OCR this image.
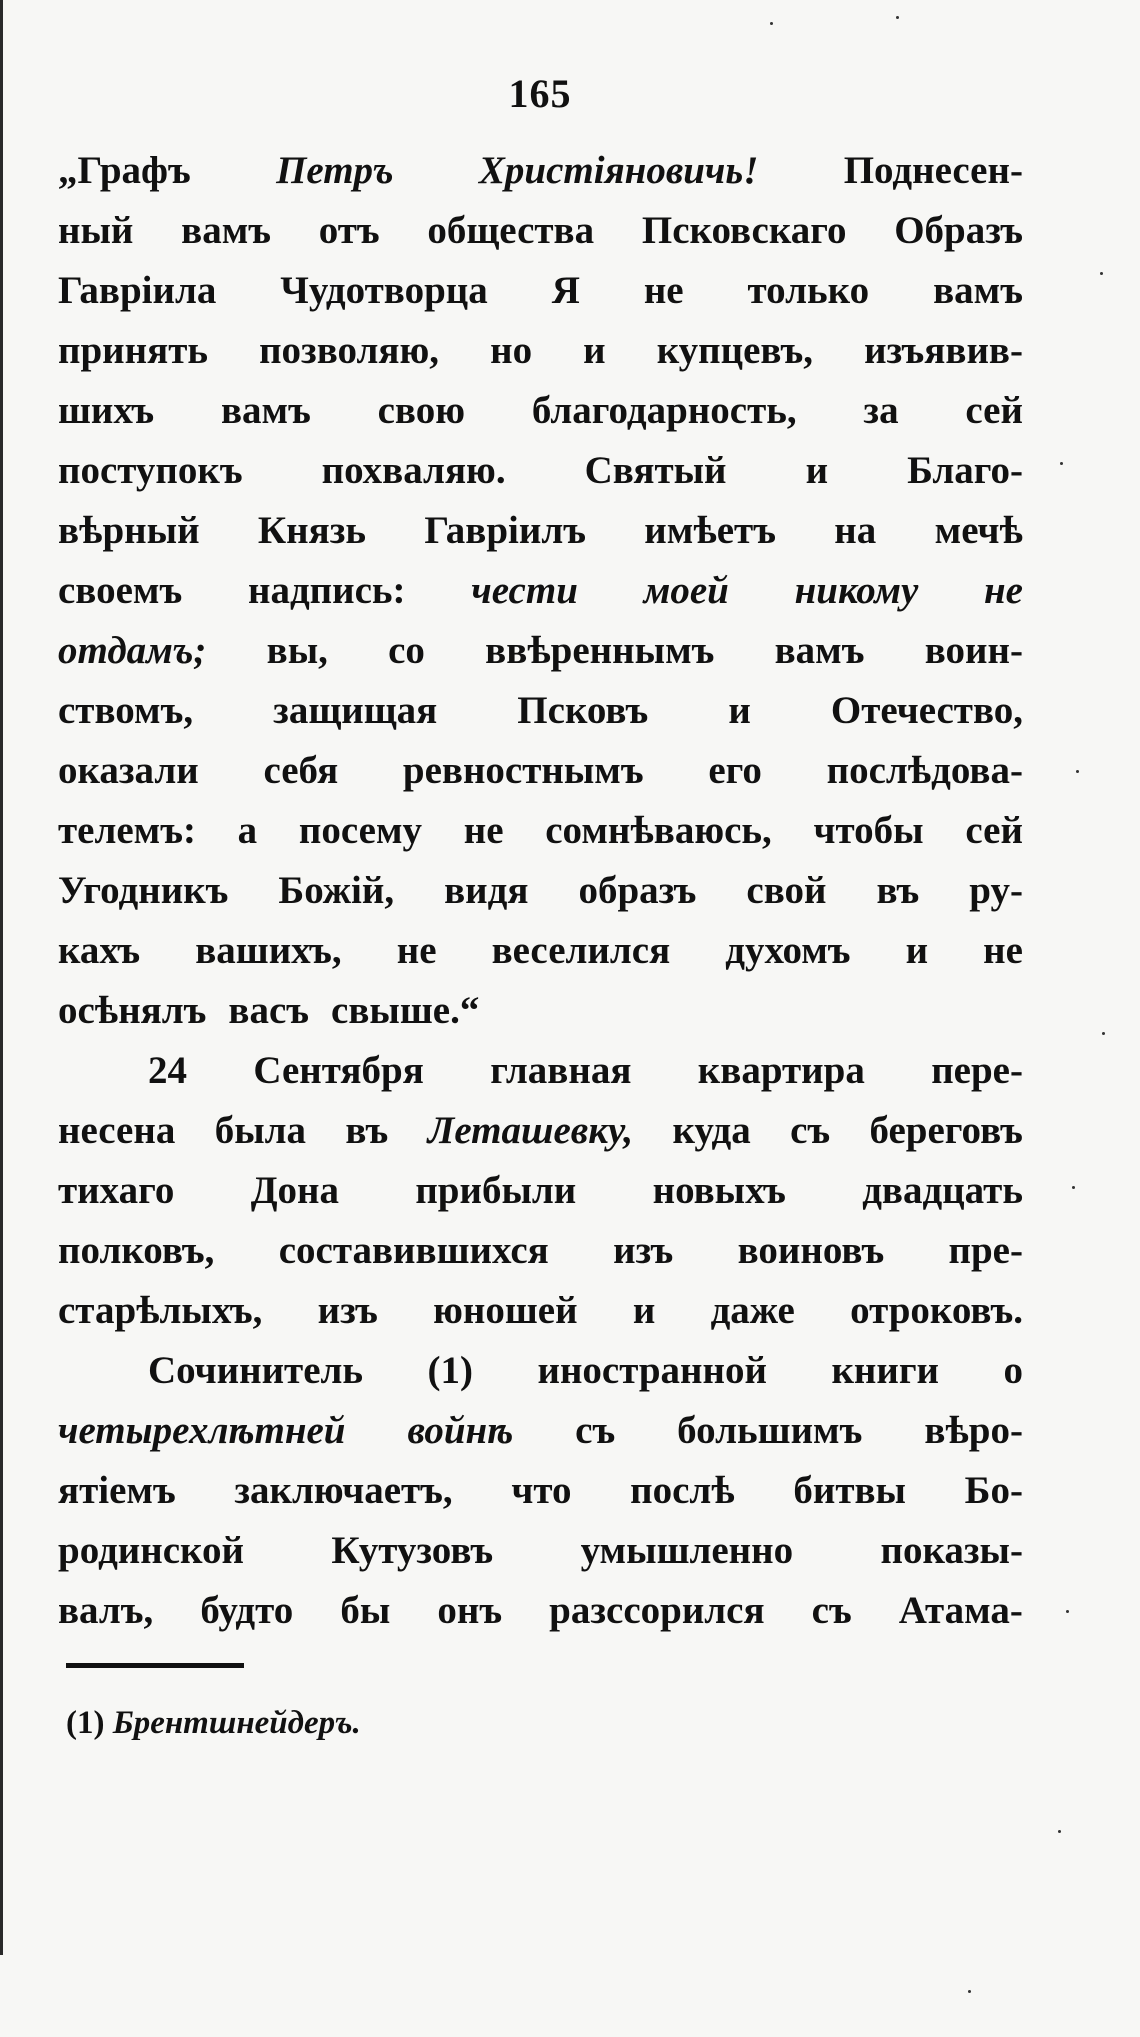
165
„Графъ Петръ Христіяновичь! Поднесен-
ный вамъ отъ общества Псковскаго Образъ
Гавріила Чудотворца Я не только вамъ
принять позволяю, но и купцевъ, изъявив-
шихъ вамъ свою благодарность, за сей
поступокъ похваляю. Святый и Благо-
вѣрный Князь Гавріилъ имѣетъ на мечѣ
своемъ надпись: чести моей никому не
отдамъ; вы, со ввѣреннымъ вамъ воин-
ствомъ, защищая Псковъ и Отечество,
оказали себя ревностнымъ его послѣдова-
телемъ: а посему не сомнѣваюсь, чтобы сей
Угодникъ Божій, видя образъ свой въ ру-
кахъ вашихъ, не веселился духомъ и не
осѣнялъ васъ свыше.“
24 Сентября главная квартира пере-
несена была въ Леташевку, куда съ береговъ
тихаго Дона прибыли новыхъ двадцать
полковъ, составившихся изъ воиновъ пре-
старѣлыхъ, изъ юношей и даже отроковъ.
Сочинитель (1) иностранной книги о
четырехлѣтней войнѣ съ большимъ вѣро-
ятіемъ заключаетъ, что послѣ битвы Бо-
родинской Кутузовъ умышленно показы-
валъ, будто бы онъ разссорился съ Атама-
(1) Брентшнейдеръ.
